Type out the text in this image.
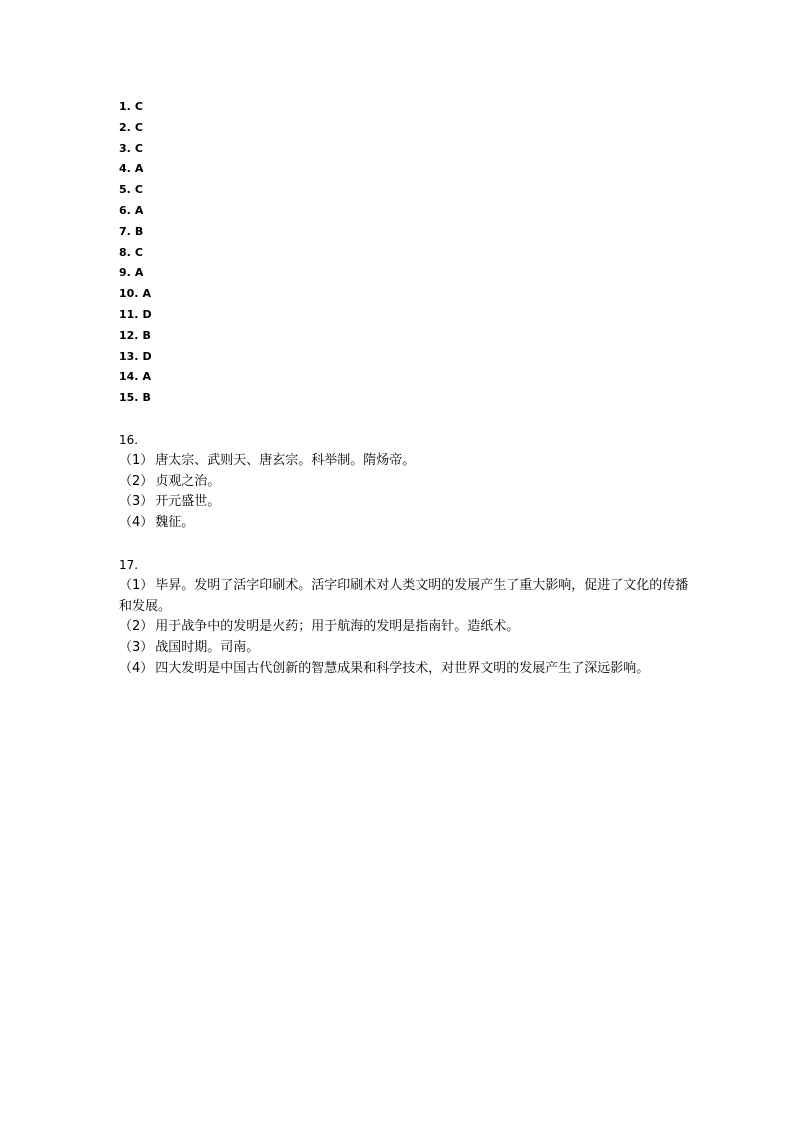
1. C
2. C
3. C
4. A
5. C
6. A
7. B
8. C
9. A
10. A
11. D
12. B
13. D
14. A
15. B
16.
（1） 唐太宗、武则天、唐玄宗。科举制。隋炀帝。
（2） 贞观之治。
（3） 开元盛世。
（4） 魏征。
17.
（1） 毕昇。发明了活字印刷术。活字印刷术对人类文明的发展产生了重大影响，促进了文化的传播和发展。
（2） 用于战争中的发明是火药；用于航海的发明是指南针。造纸术。
（3） 战国时期。司南。
（4） 四大发明是中国古代创新的智慧成果和科学技术，对世界文明的发展产生了深远影响。
